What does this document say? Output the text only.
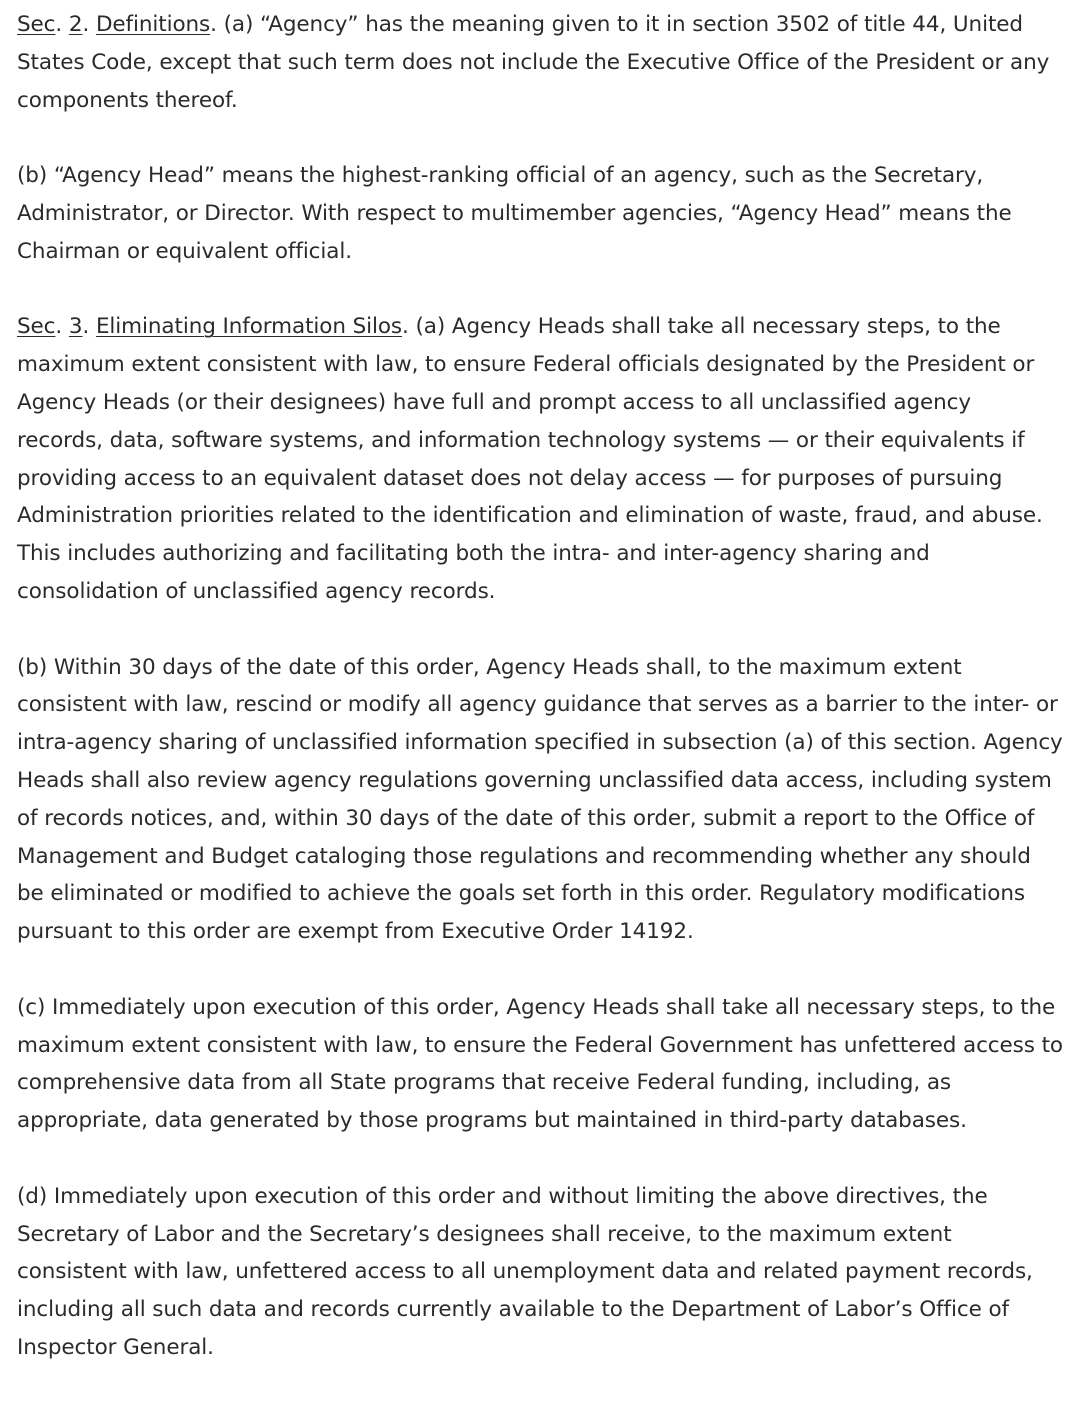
Sec. 2. Definitions. (a) “Agency” has the meaning given to it in section 3502 of title 44, United States Code, except that such term does not include the Executive Office of the President or any components thereof.

(b) “Agency Head” means the highest-ranking official of an agency, such as the Secretary, Administrator, or Director. With respect to multimember agencies, “Agency Head” means the Chairman or equivalent official.

Sec. 3. Eliminating Information Silos. (a) Agency Heads shall take all necessary steps, to the maximum extent consistent with law, to ensure Federal officials designated by the President or Agency Heads (or their designees) have full and prompt access to all unclassified agency records, data, software systems, and information technology systems — or their equivalents if providing access to an equivalent dataset does not delay access — for purposes of pursuing Administration priorities related to the identification and elimination of waste, fraud, and abuse. This includes authorizing and facilitating both the intra- and inter-agency sharing and consolidation of unclassified agency records.

(b) Within 30 days of the date of this order, Agency Heads shall, to the maximum extent consistent with law, rescind or modify all agency guidance that serves as a barrier to the inter- or intra-agency sharing of unclassified information specified in subsection (a) of this section. Agency Heads shall also review agency regulations governing unclassified data access, including system of records notices, and, within 30 days of the date of this order, submit a report to the Office of Management and Budget cataloging those regulations and recommending whether any should be eliminated or modified to achieve the goals set forth in this order. Regulatory modifications pursuant to this order are exempt from Executive Order 14192.

(c) Immediately upon execution of this order, Agency Heads shall take all necessary steps, to the maximum extent consistent with law, to ensure the Federal Government has unfettered access to comprehensive data from all State programs that receive Federal funding, including, as appropriate, data generated by those programs but maintained in third-party databases.

(d) Immediately upon execution of this order and without limiting the above directives, the Secretary of Labor and the Secretary’s designees shall receive, to the maximum extent consistent with law, unfettered access to all unemployment data and related payment records, including all such data and records currently available to the Department of Labor’s Office of Inspector General.
